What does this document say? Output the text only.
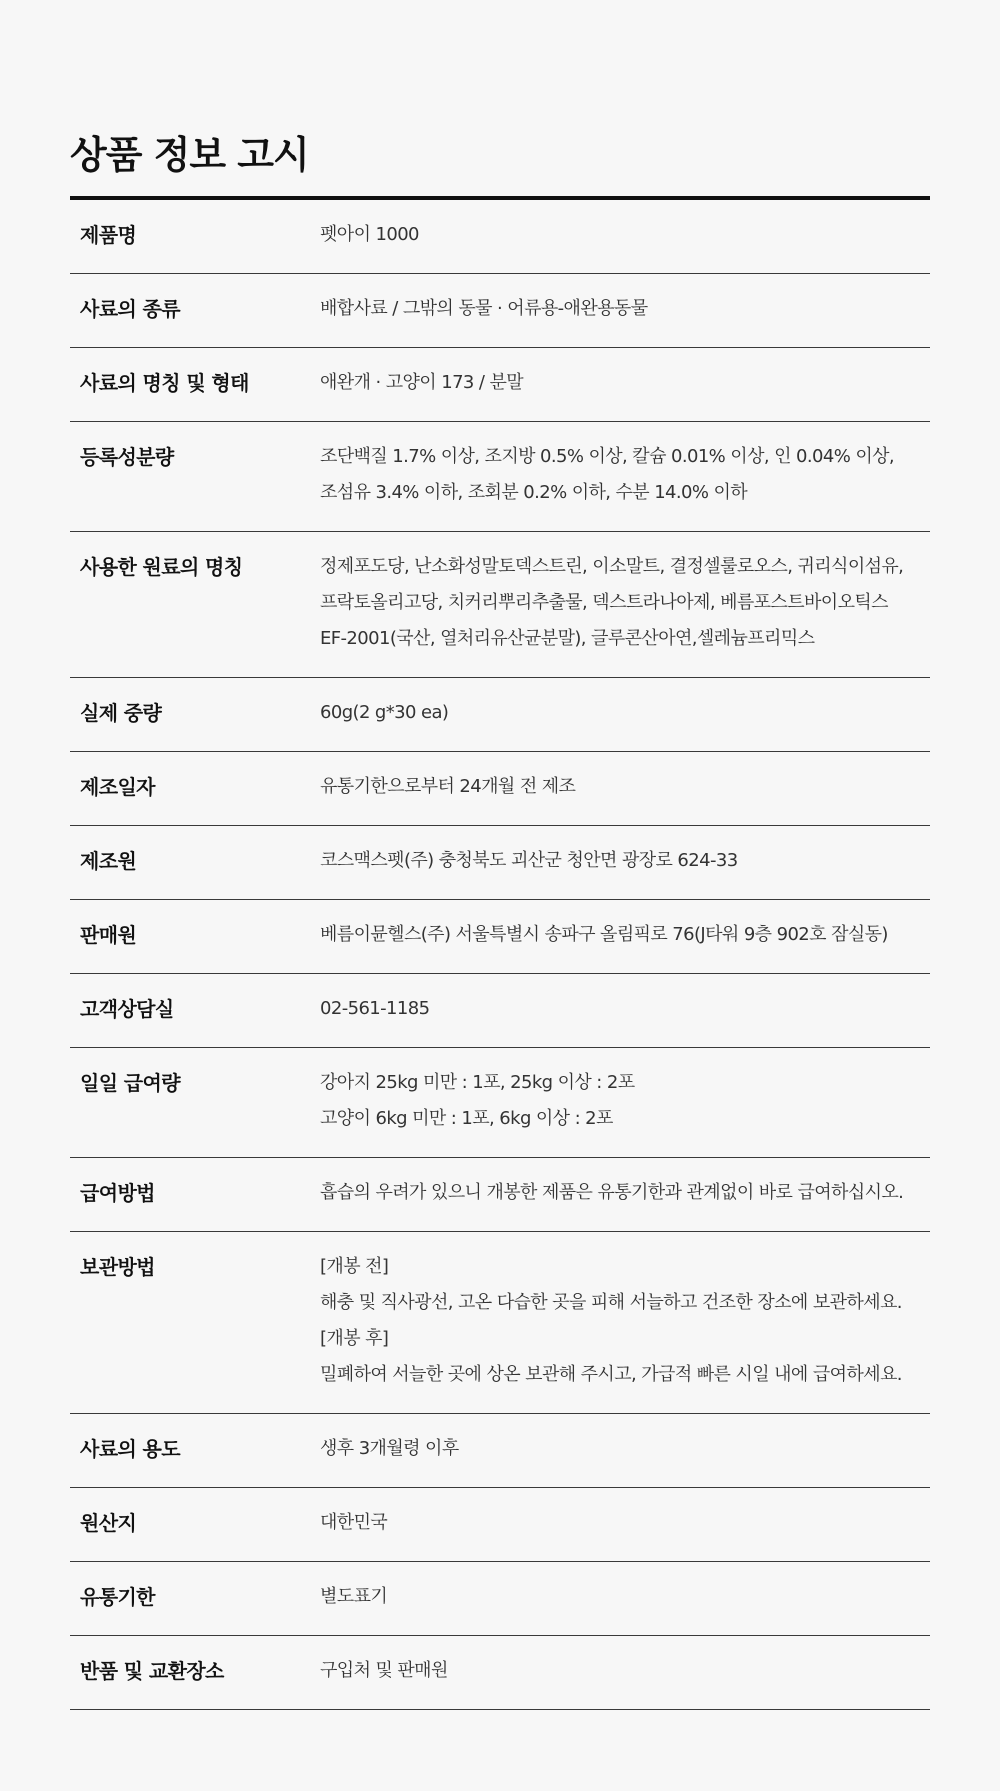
상품 정보 고시
제품명	펫아이 1000
사료의 종류	배합사료 / 그밖의 동물 · 어류용-애완용동물
사료의 명칭 및 형태	애완개 · 고양이 173 / 분말
등록성분량	조단백질 1.7% 이상, 조지방 0.5% 이상, 칼슘 0.01% 이상, 인 0.04% 이상,
조섬유 3.4% 이하, 조회분 0.2% 이하, 수분 14.0% 이하
사용한 원료의 명칭	정제포도당, 난소화성말토덱스트린, 이소말트, 결정셀룰로오스, 귀리식이섬유,
프락토올리고당, 치커리뿌리추출물, 덱스트라나아제, 베름포스트바이오틱스
EF-2001(국산, 열처리유산균분말), 글루콘산아연,셀레늄프리믹스
실제 중량	60g(2 g*30 ea)
제조일자	유통기한으로부터 24개월 전 제조
제조원	코스맥스펫(주) 충청북도 괴산군 청안면 광장로 624-33
판매원	베름이뮨헬스(주) 서울특별시 송파구 올림픽로 76(J타워 9층 902호 잠실동)
고객상담실	02-561-1185
일일 급여량	강아지 25kg 미만 : 1포, 25kg 이상 : 2포
고양이 6kg 미만 : 1포, 6kg 이상 : 2포
급여방법	흡습의 우려가 있으니 개봉한 제품은 유통기한과 관계없이 바로 급여하십시오.
보관방법	[개봉 전]
해충 및 직사광선, 고온 다습한 곳을 피해 서늘하고 건조한 장소에 보관하세요.
[개봉 후]
밀폐하여 서늘한 곳에 상온 보관해 주시고, 가급적 빠른 시일 내에 급여하세요.
사료의 용도	생후 3개월령 이후
원산지	대한민국
유통기한	별도표기
반품 및 교환장소	구입처 및 판매원
